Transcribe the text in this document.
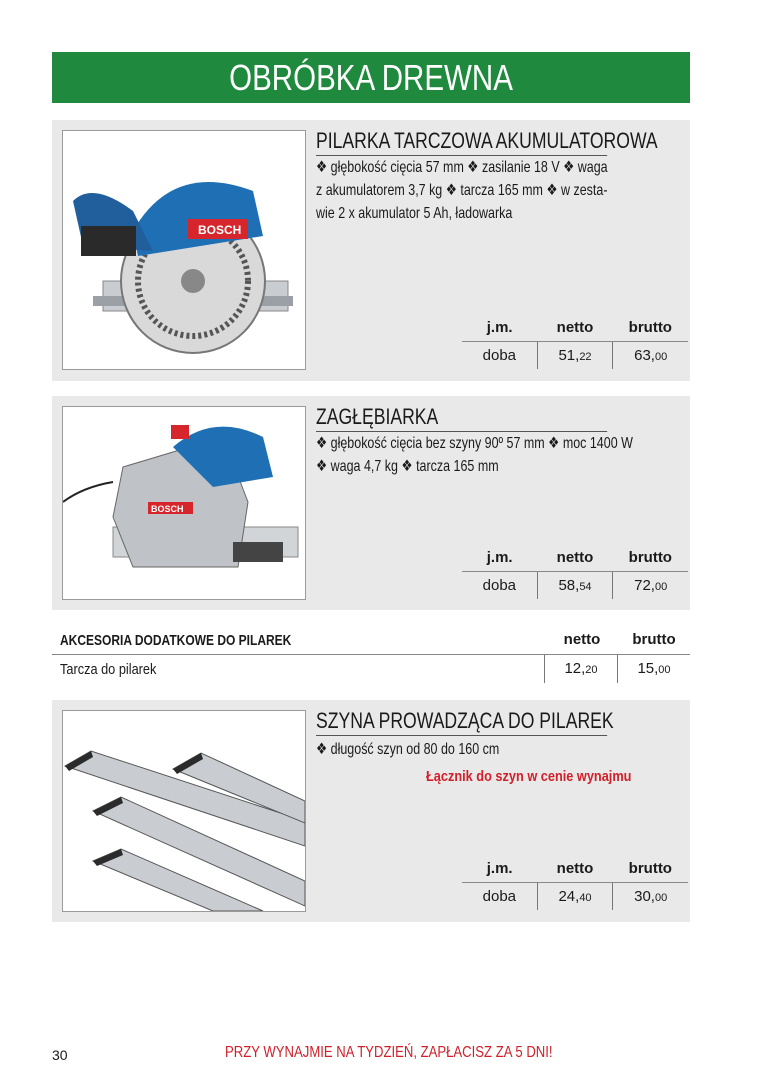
OBRÓBKA DREWNA
BOSCH
PILARKA TARCZOWA AKUMULATOROWA
❖ głębokość cięcia 57 mm ❖ zasilanie 18 V ❖ waga
z akumulatorem 3,7 kg ❖ tarcza 165 mm ❖ w zesta-
wie 2 x akumulator 5 Ah, ładowarka
j.m.	netto	brutto
doba	51,22	63,00
BOSCH
ZAGŁĘBIARKA
❖ głębokość cięcia bez szyny 90º 57 mm ❖ moc 1400 W
❖ waga 4,7 kg ❖ tarcza 165 mm
j.m.	netto	brutto
doba	58,54	72,00
AKCESORIA DODATKOWE DO PILAREK	netto	brutto
Tarcza do pilarek	12,20	15,00
SZYNA PROWADZĄCA DO PILAREK
❖ długość szyn od 80 do 160 cm
Łącznik do szyn w cenie wynajmu
j.m.	netto	brutto
doba	24,40	30,00
30	PRZY WYNAJMIE NA TYDZIEŃ, ZAPŁACISZ ZA 5 DNI!
